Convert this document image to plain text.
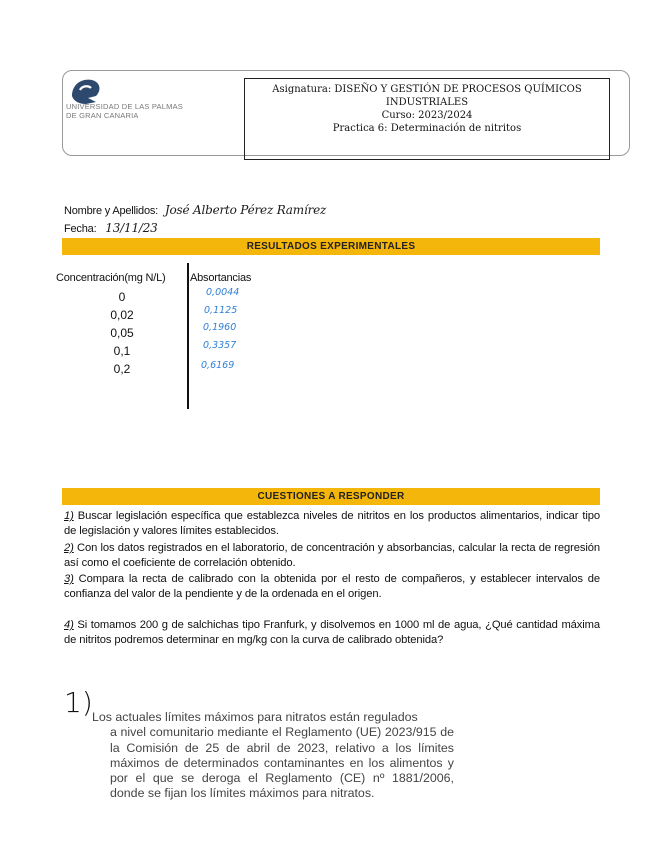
UNIVERSIDAD DE LAS PALMAS
DE GRAN CANARIA
Asignatura: DISEÑO Y GESTIÓN DE PROCESOS QUÍMICOS
INDUSTRIALES
Curso: 2023/2024
Practica 6: Determinación de nitritos
Nombre y Apellidos: José Alberto Pérez Ramírez
Fecha: 13/11/23
RESULTADOS EXPERIMENTALES
Concentración(mg N/L) Absortancias
0
0,02
0,05
0,1
0,2
0,0044
0,1125
0,1960
0,3357
0,6169
CUESTIONES A RESPONDER
1) Buscar legislación específica que establezca niveles de nitritos en los productos alimentarios, indicar tipo de legislación y valores límites establecidos.
2) Con los datos registrados en el laboratorio, de concentración y absorbancias, calcular la recta de regresión así como el coeficiente de correlación obtenido.
3) Compara la recta de calibrado con la obtenida por el resto de compañeros, y establecer intervalos de confianza del valor de la pendiente y de la ordenada en el origen.
4) Si tomamos 200 g de salchichas tipo Franfurk, y disolvemos en 1000 ml de agua, ¿Qué cantidad máxima de nitritos podremos determinar en mg/kg con la curva de calibrado obtenida?
1) Los actuales límites máximos para nitratos están regulados
a nivel comunitario mediante el Reglamento (UE) 2023/915 de la Comisión de 25 de abril de 2023, relativo a los límites máximos de determinados contaminantes en los alimentos y por el que se deroga el Reglamento (CE) nº 1881/2006, donde se fijan los límites máximos para nitratos.
